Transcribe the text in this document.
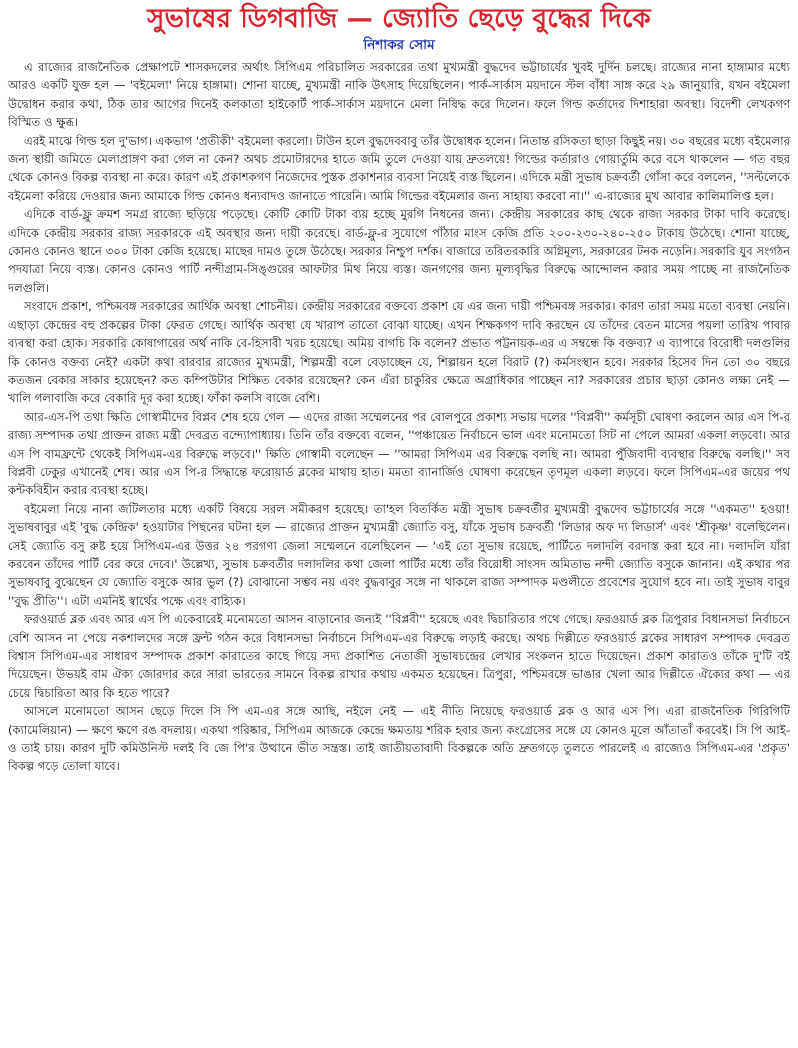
সুভাষের ডিগবাজি — জ্যোতি ছেড়ে বুদ্ধের দিকে
নিশাকর সোম

এ রাজ্যের রাজনৈতিক প্রেক্ষাপটে শাসকদলের অর্থাৎ সিপিএম পরিচালিত সরকারের তথা মুখ্যমন্ত্রী বুদ্ধদেব ভট্টাচার্যের খুবই দুর্দিন চলছে। রাজ্যের নানা হাঙ্গামার মধ্যে আরও একটি যুক্ত হল — 'বইমেলা' নিয়ে হাঙ্গামা। শোনা যাচ্ছে, মুখ্যমন্ত্রী নাকি উৎসাহ দিয়েছিলেন। পার্ক-সার্কাস ময়দানে স্টল বাঁধা সাঙ্গ করে ২৯ জানুয়ারি, যখন বইমেলা উদ্বোধন করার কথা, ঠিক তার আগের দিনেই কলকাতা হাইকোর্ট পার্ক-সার্কাস ময়দানে মেলা নিষিদ্ধ করে দিলেন। ফলে গিল্ড কর্তাদের দিশাহারা অবস্থা। বিদেশী লেখকগণ বিস্মিত ও ক্ষুব্ধ।

এরই মাঝে গিল্ড হল দু'ভাগ। একভাগ 'প্রতীকী' বইমেলা করলো। টাউন হলে বুদ্ধদেববাবু তাঁর উদ্বোধক হলেন। নিতান্ত রসিকতা ছাড়া কিছুই নয়। ৩০ বছরের মধ্যে বইমেলার জন্য স্থায়ী জমিতে মেলাপ্রাঙ্গণ করা গেল না কেন? অথচ প্রমোটারদের হাতে জমি তুলে দেওয়া যায় দ্রুতলয়ে! গিল্ডের কর্তারাও গোয়ার্তুমি করে বসে থাকলেন — গত বছর থেকে কোনও বিকল্প ব্যবস্থা না করে। কারণ এই প্রকাশকগণ নিজেদের পুস্তক প্রকাশনার ব্যবসা নিয়েই ব্যস্ত ছিলেন। এদিকে মন্ত্রী সুভাষ চক্রবর্তী গোঁসা করে বললেন, ''সল্টলেকে বইমেলা করিয়ে দেওয়ার জন্য আমাকে গিল্ড কোনও ধন্যবাদও জানাতে পারেনি। আমি গিল্ডের বইমেলার জন্য সাহায্য করবো না।'' এ-রাজ্যের মুখ আবার কালিমালিপ্ত হল।

এদিকে বার্ড-ফ্লু ক্রমশ সমগ্র রাজ্যে ছড়িয়ে পড়েছে। কোটি কোটি টাকা ব্যয় হচ্ছে মুরগি নিধনের জন্য। কেন্দ্রীয় সরকারের কাছ থেকে রাজ্য সরকার টাকা দাবি করেছে। এদিকে কেন্দ্রীয় সরকার রাজ্য সরকারকে এই অবস্থার জন্য দায়ী করেছে। বার্ড-ফ্লু-র সুযোগে পাঁঠার মাংস কেজি প্রতি ২০০-২৩০-২৪০-২৫০ টাকায় উঠেছে। শোনা যাচ্ছে, কোনও কোনও স্থানে ৩০০ টাকা কেজি হয়েছে। মাছের দামও তুঙ্গে উঠেছে। সরকার নিশ্চুপ দর্শক। বাজারে তরিতরকারি অগ্নিমূল্য, সরকারের টনক নড়েনি। সরকারি যুব সংগঠন পদযাত্রা নিয়ে ব্যস্ত। কোনও কোনও পার্টি নন্দীগ্রাম-সিঙ্গুরের আফটার মিথ নিয়ে ব্যস্ত। জনগণের জন্য মূল্যবৃদ্ধির বিরুদ্ধে আন্দোলন করার সময় পাচ্ছে না রাজনৈতিক দলগুলি।

সংবাদে প্রকাশ, পশ্চিমবঙ্গ সরকারের আর্থিক অবস্থা শোচনীয়। কেন্দ্রীয় সরকারের বক্তব্যে প্রকাশ যে এর জন্য দায়ী পশ্চিমবঙ্গ সরকার। কারণ তারা সময় মতো ব্যবস্থা নেয়নি। এছাড়া কেন্দ্রের বহু প্রকল্পের টাকা ফেরত গেছে। আর্থিক অবস্থা যে খারাপ তাতো বোঝা যাচ্ছে। এখন শিক্ষকগণ দাবি করছেন যে তাঁদের বেতন মাসের পয়লা তারিখ পাবার ব্যবস্থা করা হোক। সরকারি কোষাগারের অর্থ নাকি বে-হিসাবী খরচ হয়েছে। অমিয় বাগচি কি বলেন? প্রভাত পট্টনায়ক-এর এ সম্বন্ধে কি বক্তব্য? এ ব্যাপারে বিরোধী দলগুলির কি কোনও বক্তব্য নেই? একটা কথা বারবার রাজ্যের মুখ্যমন্ত্রী, শিল্পমন্ত্রী বলে বেড়াচ্ছেন যে, শিল্পায়ন হলে বিরাট (?) কর্মসংস্থান হবে। সরকার হিসেব দিন তো ৩০ বছরে কতজন বেকার সাকার হয়েছেন? কত কম্পিউটার শিক্ষিত বেকার রয়েছেন? কেন এঁরা চাকুরির ক্ষেত্রে অগ্রাধিকার পাচ্ছেন না? সরকারের প্রচার ছাড়া কোনও লক্ষ্য নেই — খালি গলাবাজি করে বেকারি দূর করা হচ্ছে। ফাঁকা কলসি বাজে বেশি।

আর-এস-পি তথা ক্ষিতি গোস্বামীদের বিপ্লব শেষ হয়ে গেল — এদের রাজ্য সম্মেলনের পর বোলপুরে প্রকাশ্য সভায় দলের ''বিপ্লবী'' কর্মসূচী ঘোষণা করলেন আর এস পি-র রাজ্য সম্পাদক তথা প্রাক্তন রাজ্য মন্ত্রী দেবব্রত বন্দ্যোপাধ্যায়। তিনি তাঁর বক্তব্যে বলেন, ''পঞ্চায়েত নির্বাচনে ভাল এবং মনোমতো সিট না পেলে আমরা একলা লড়বো। আর এস পি বামফ্রন্টে থেকেই সিপিএম-এর বিরুদ্ধে লড়বে।'' ক্ষিতি গোস্বামী বলেছেন — ''আমরা সিপিএম এর বিরুদ্ধে বলছি না। আমরা পুঁজিবাদী ব্যবস্থার বিরুদ্ধে বলছি।'' সব বিপ্লবী ঢেকুর এখানেই শেষ। আর এস পি-র সিদ্ধান্তে ফরোয়ার্ড ব্লকের মাথায় হাত। মমতা ব্যানার্জিও ঘোষণা করেছেন তৃণমূল একলা লড়বে। ফলে সিপিএম-এর জয়ের পথ কন্টকবিহীন করার ব্যবস্থা হচ্ছে।

বইমেলা নিয়ে নানা জটিলতার মধ্যে একটি বিষয়ে সরল সমীকরণ হয়েছে। তা'হল বিতর্কিত মন্ত্রী সুভাষ চক্রবর্তীর মুখ্যমন্ত্রী বুদ্ধদেব ভট্টাচার্যের সঙ্গে ''একমত'' হওয়া! সুভাষবাবুর এই 'বুদ্ধ কেন্দ্রিক' হওয়াটার পিছনের ঘটনা হল — রাজ্যের প্রাক্তন মুখ্যমন্ত্রী জ্যোতি বসু, যাঁকে সুভাষ চক্রবর্তী 'লিডার অফ দ্য লিডার্স' এবং 'শ্রীকৃষ্ণ' বলেছিলেন। সেই জ্যোতি বসু রুষ্ট হয়ে সিপিএম-এর উত্তর ২৪ পরগণা জেলা সম্মেলনে বলেছিলেন — 'এই তো সুভাষ রয়েছে, পার্টিতে দলাদলি বরদাস্ত করা হবে না। দলাদলি যাঁরা করবেন তাঁদের পার্টি বের করে দেবে।' উল্লেখ্য, সুভাষ চক্রবর্তীর দলাদলির কথা জেলা পার্টির মধ্যে তাঁর বিরোধী সাংসদ অমিতাভ নন্দী জ্যোতি বসুকে জানান। এই কথার পর সুভাষবাবু বুঝেছেন যে জ্যোতি বসুকে আর ভুল (?) বোঝানো সম্ভব নয় এবং বুদ্ধবাবুর সঙ্গে না থাকলে রাজ্য সম্পাদক মণ্ডলীতে প্রবেশের সুযোগ হবে না। তাই সুভাষ বাবুর ''বুদ্ধ প্রীতি''। এটা এমনিই স্বার্থের পক্ষে এবং বাহ্যিক।

ফরওয়ার্ড ব্লক এবং আর এস পি একেবারেই মনোমতো আসন বাড়ানোর জন্যই ''বিপ্লবী'' হয়েছে এবং দ্বিচারিতার পথে গেছে। ফরওয়ার্ড ব্লক ত্রিপুরার বিধানসভা নির্বাচনে বেশি আসন না পেয়ে নকশালদের সঙ্গে ফ্রন্ট গঠন করে বিধানসভা নির্বাচনে সিপিএম-এর বিরুদ্ধে লড়াই করছে। অথচ দিল্লীতে ফরওয়ার্ড ব্লকের সাধারণ সম্পাদক দেবব্রত বিশ্বাস সিপিএম-এর সাধারণ সম্পাদক প্রকাশ কারাতের কাছে গিয়ে সদ্য প্রকাশিত নেতাজী সুভাষচন্দ্রের লেখার সংকলন হাতে দিয়েছেন। প্রকাশ কারাতও তাঁকে দু'টি বই দিয়েছেন। উভয়ই বাম ঐক্য জোরদার করে সারা ভারতের সামনে বিকল্প রাখার কথায় একমত হয়েছেন। ত্রিপুরা, পশ্চিমবঙ্গে ভাঙার খেলা আর দিল্লীতে ঐক্যের কথা — এর চেয়ে দ্বিচারিতা আর কি হতে পারে?

আসলে মনোমতো আসন ছেড়ে দিলে সি পি এম-এর সঙ্গে আছি, নইলে নেই — এই নীতি নিয়েছে ফরওয়ার্ড ব্লক ও আর এস পি। এরা রাজনৈতিক গিরিগিটি (ক্যামেলিয়ান) — ক্ষণে ক্ষণে রঙ বদলায়। একথা পরিষ্কার, সিপিএম আজকে কেন্দ্রে ক্ষমতায় শরিক হবার জন্য কংগ্রেসের সঙ্গে যে কোনও মূলে আঁতাতাঁ করবেই। সি পি আই-ও তাই চায়। কারণ দুটি কমিউনিস্ট দলই বি জে পি'র উত্থানে ভীত সন্ত্রস্ত। তাই জাতীয়তাবাদী বিকল্পকে অতি দ্রুতগড়ে তুলতে পারলেই এ রাজ্যেও সিপিএম-এর 'প্রকৃত' বিকল্প গড়ে তোলা যাবে।
